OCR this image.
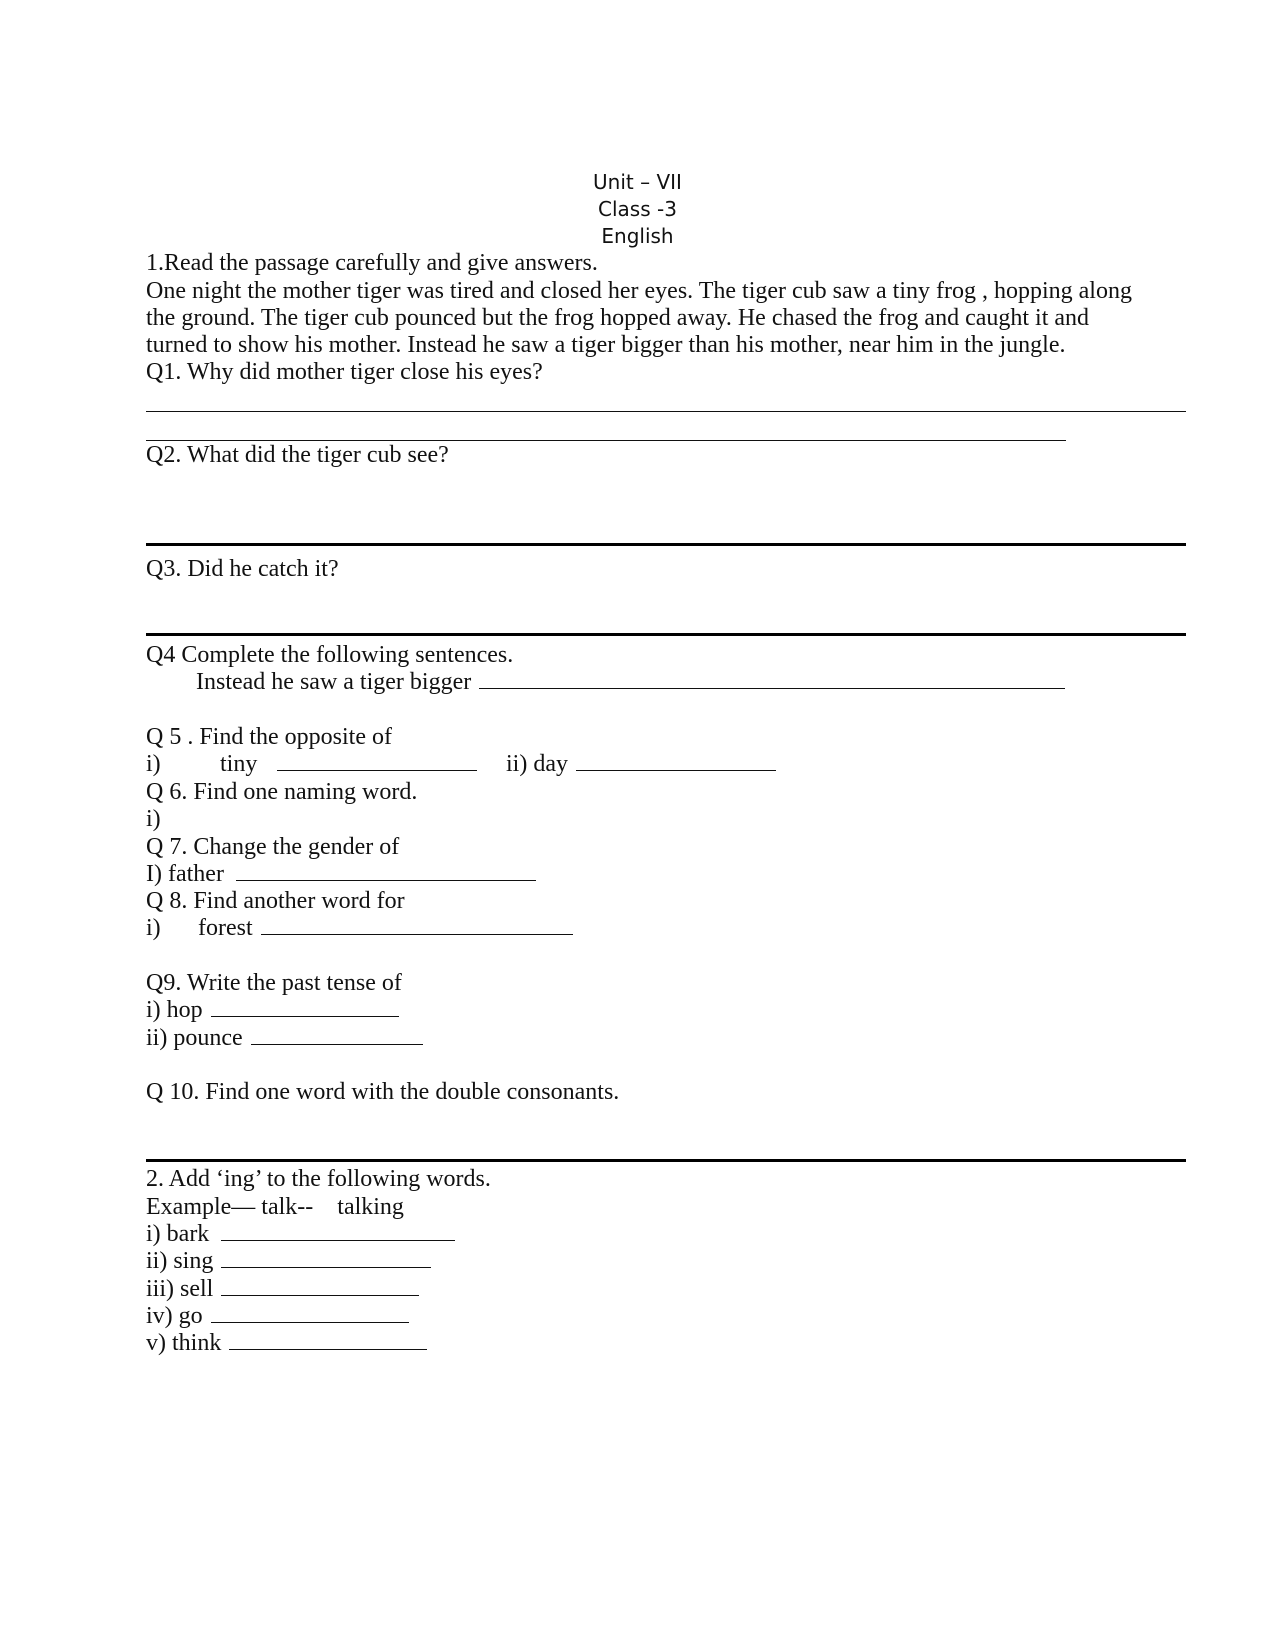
Unit – VII
Class -3
English
1.Read the passage carefully and give answers.
One night the mother tiger was tired and closed her eyes. The tiger cub saw a tiny frog , hopping along
the ground. The tiger cub pounced but the frog hopped away. He chased the frog and caught it and
turned to show his mother. Instead he saw a tiger bigger than his mother, near him in the jungle.
Q1. Why did mother tiger close his eyes?
Q2. What did the tiger cub see?
Q3. Did he catch it?
Q4 Complete the following sentences.
Instead he saw a tiger bigger
Q 5 . Find the opposite of
i) tiny	ii) day
Q 6. Find one naming word.
i)
Q 7. Change the gender of
I) father
Q 8. Find another word for
i) forest
Q9. Write the past tense of
i) hop
ii) pounce
Q 10. Find one word with the double consonants.
2. Add ‘ing’ to the following words.
Example— talk--    talking
i) bark
ii) sing
iii) sell
iv) go
v) think
